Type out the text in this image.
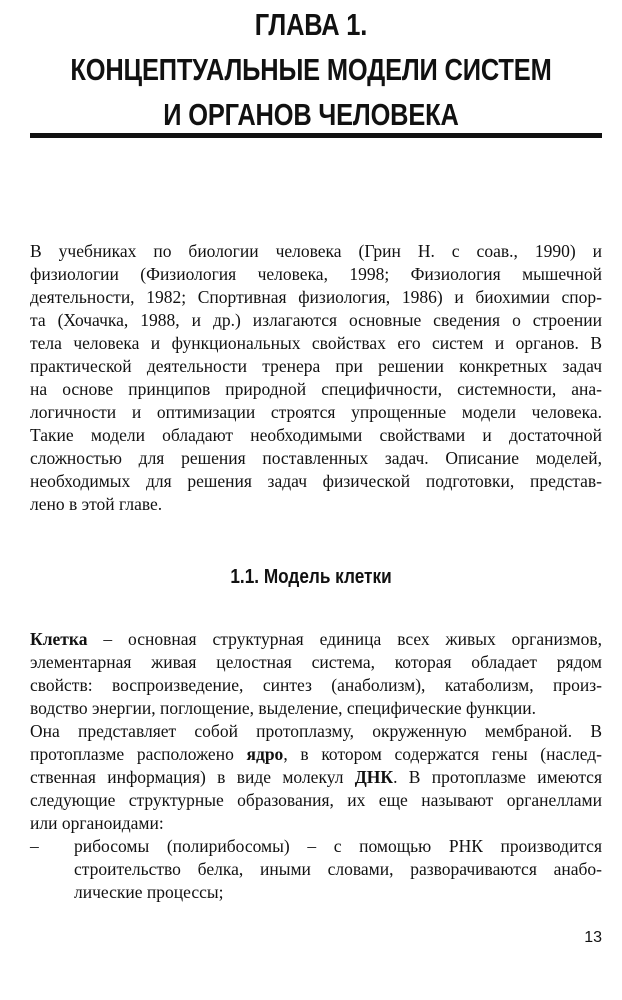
ГЛАВА 1.
КОНЦЕПТУАЛЬНЫЕ МОДЕЛИ СИСТЕМ
И ОРГАНОВ ЧЕЛОВЕКА
В учебниках по биологии человека (Грин Н. с соав., 1990) и
физиологии (Физиология человека, 1998; Физиология мышечной
деятельности, 1982; Спортивная физиология, 1986) и биохимии спор-
та (Хочачка, 1988, и др.) излагаются основные сведения о строении
тела человека и функциональных свойствах его систем и органов. В
практической деятельности тренера при решении конкретных задач
на основе принципов природной специфичности, системности, ана-
логичности и оптимизации строятся упрощенные модели человека.
Такие модели обладают необходимыми свойствами и достаточной
сложностью для решения поставленных задач. Описание моделей,
необходимых для решения задач физической подготовки, представ-
лено в этой главе.
1.1. Модель клетки
Клетка – основная структурная единица всех живых организмов,
элементарная живая целостная система, которая обладает рядом
свойств: воспроизведение, синтез (анаболизм), катаболизм, произ-
водство энергии, поглощение, выделение, специфические функции.
Она представляет собой протоплазму, окруженную мембраной. В
протоплазме расположено ядро, в котором содержатся гены (наслед-
ственная информация) в виде молекул ДНК. В протоплазме имеются
следующие структурные образования, их еще называют органеллами
или органоидами:
–	рибосомы (полирибосомы) – с помощью РНК производится
строительство белка, иными словами, разворачиваются анабо-
лические процессы;
13
